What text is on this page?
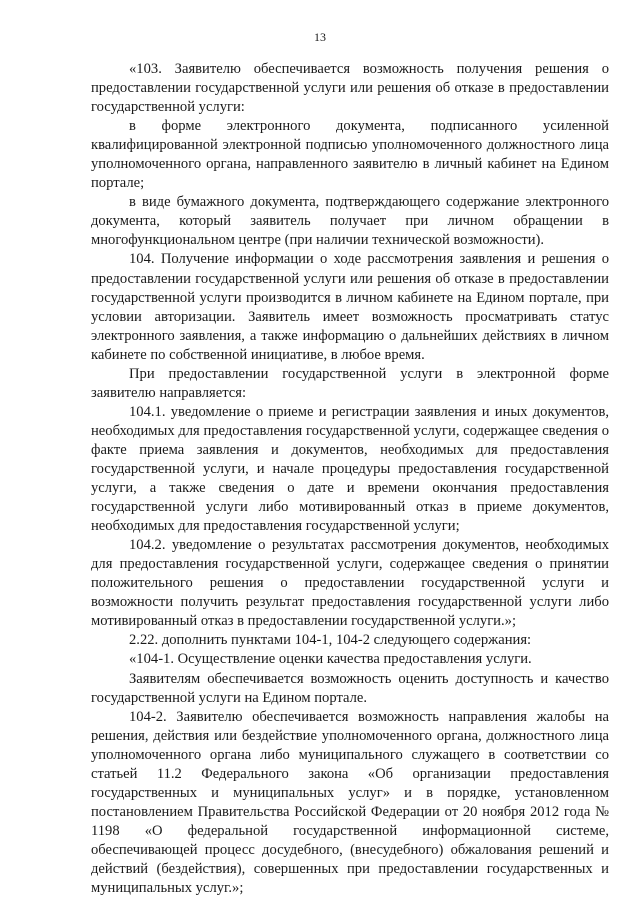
13

«103. Заявителю обеспечивается возможность получения решения о предоставлении государственной услуги или решения об отказе в предоставлении государственной услуги:

в форме электронного документа, подписанного усиленной квалифицированной электронной подписью уполномоченного должностного лица уполномоченного органа, направленного заявителю в личный кабинет на Едином портале;

в виде бумажного документа, подтверждающего содержание электронного документа, который заявитель получает при личном обращении в многофункциональном центре (при наличии технической возможности).

104. Получение информации о ходе рассмотрения заявления и решения о предоставлении государственной услуги или решения об отказе в предоставлении государственной услуги производится в личном кабинете на Едином портале, при условии авторизации. Заявитель имеет возможность просматривать статус электронного заявления, а также информацию о дальнейших действиях в личном кабинете по собственной инициативе, в любое время.

При предоставлении государственной услуги в электронной форме заявителю направляется:

104.1. уведомление о приеме и регистрации заявления и иных документов, необходимых для предоставления государственной услуги, содержащее сведения о факте приема заявления и документов, необходимых для предоставления государственной услуги, и начале процедуры предоставления государственной услуги, а также сведения о дате и времени окончания предоставления государственной услуги либо мотивированный отказ в приеме документов, необходимых для предоставления государственной услуги;

104.2. уведомление о результатах рассмотрения документов, необходимых для предоставления государственной услуги, содержащее сведения о принятии положительного решения о предоставлении государственной услуги и возможности получить результат предоставления государственной услуги либо мотивированный отказ в предоставлении государственной услуги.»;

2.22. дополнить пунктами 104-1, 104-2 следующего содержания:

«104-1. Осуществление оценки качества предоставления услуги.

Заявителям обеспечивается возможность оценить доступность и качество государственной услуги на Едином портале.

104-2. Заявителю обеспечивается возможность направления жалобы на решения, действия или бездействие уполномоченного органа, должностного лица уполномоченного органа либо муниципального служащего в соответствии со статьей 11.2 Федерального закона «Об организации предоставления государственных и муниципальных услуг» и в порядке, установленном постановлением Правительства Российской Федерации от 20 ноября 2012 года № 1198 «О федеральной государственной информационной системе, обеспечивающей процесс досудебного, (внесудебного) обжалования решений и действий (бездействия), совершенных при предоставлении государственных и муниципальных услуг.»;
